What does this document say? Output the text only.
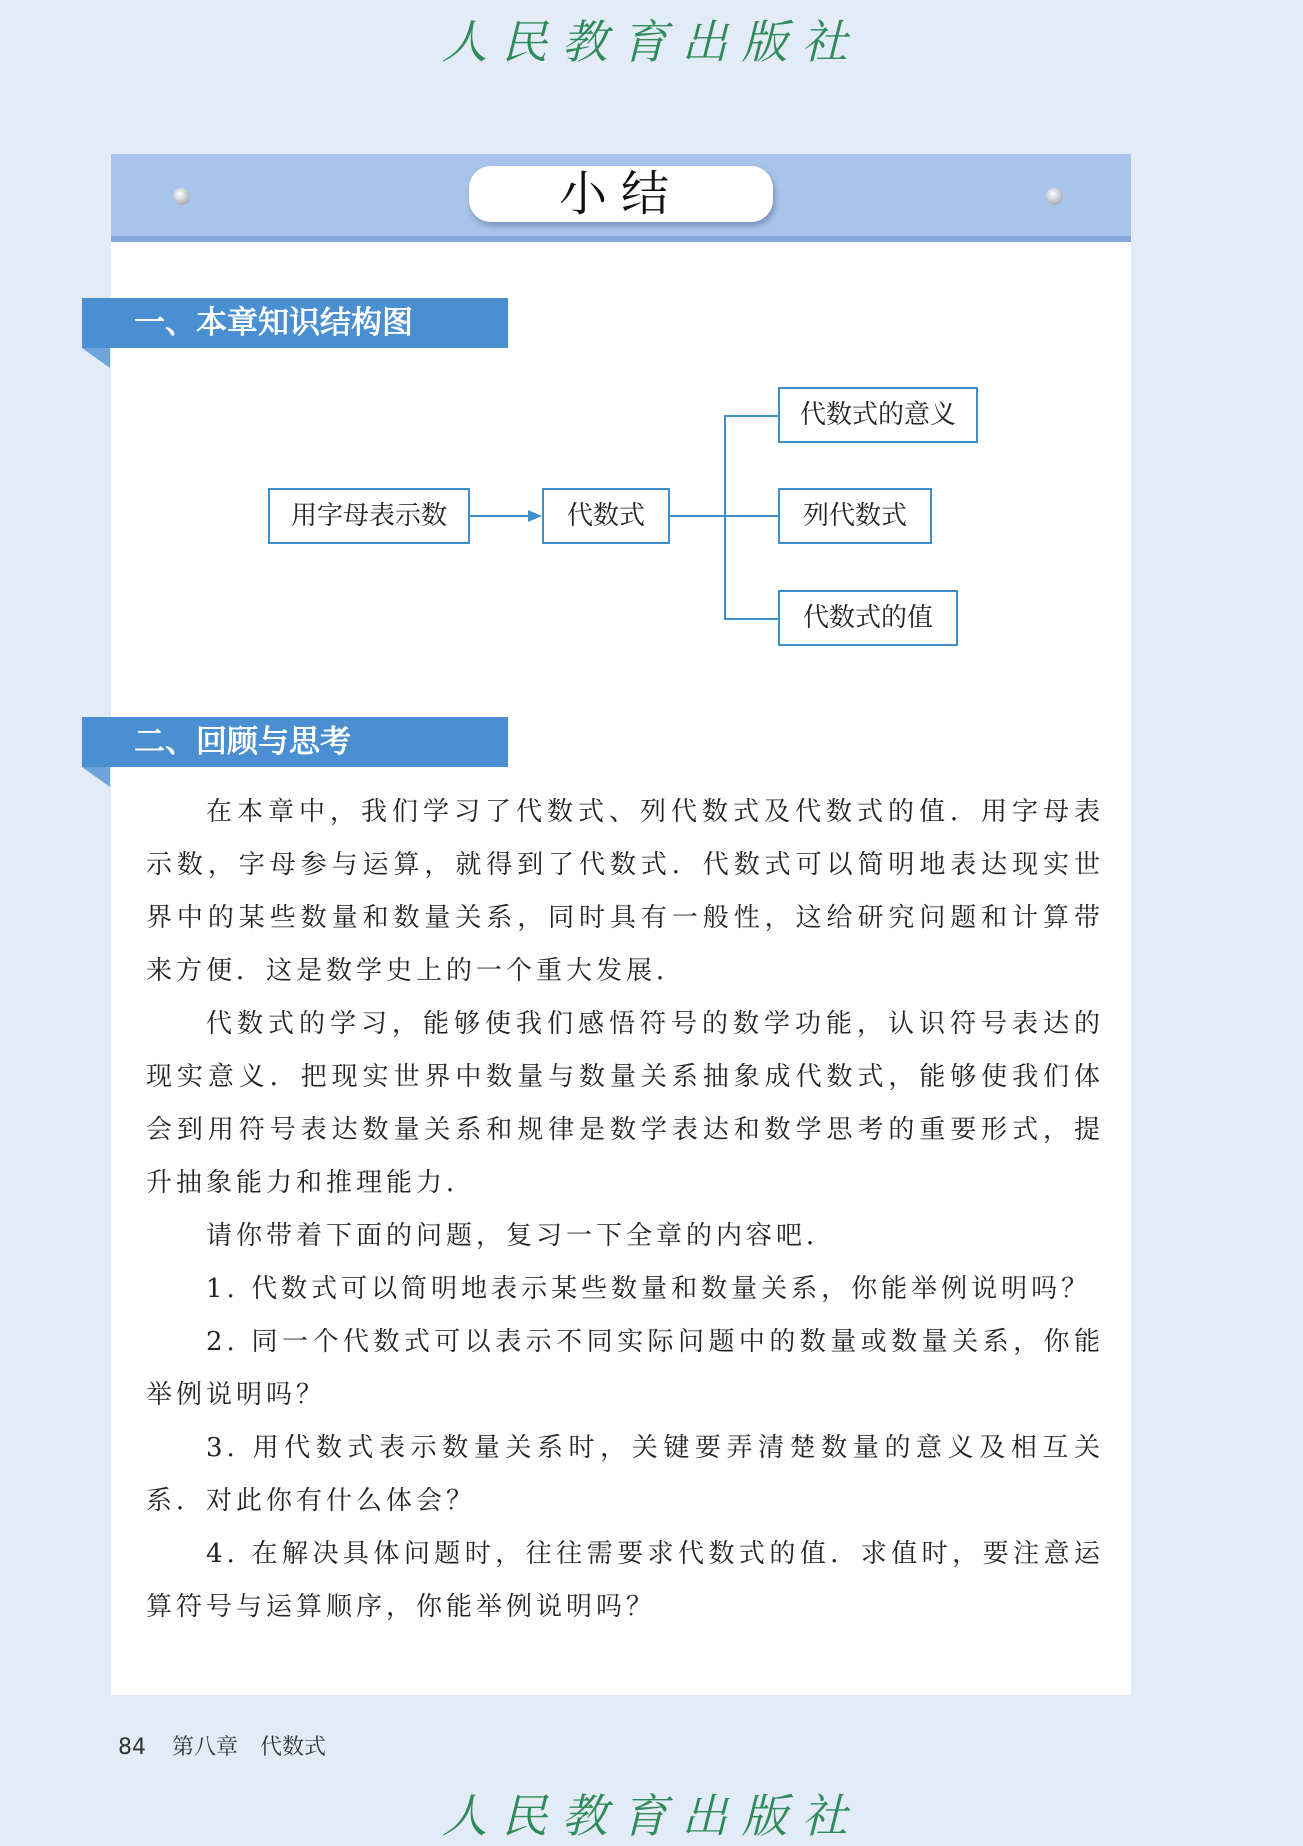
人民教育出版社
小结
一、本章知识结构图
用字母表示数	代数式
代数式的意义
列代数式
代数式的值
二、回顾与思考

在本章中，我们学习了代数式、列代数式及代数式的值．用字母表示数，字母参与运算，就得到了代数式．代数式可以简明地表达现实世界中的某些数量和数量关系，同时具有一般性，这给研究问题和计算带来方便．这是数学史上的一个重大发展．

代数式的学习，能够使我们感悟符号的数学功能，认识符号表达的现实意义．把现实世界中数量与数量关系抽象成代数式，能够使我们体会到用符号表达数量关系和规律是数学表达和数学思考的重要形式，提升抽象能力和推理能力．

请你带着下面的问题，复习一下全章的内容吧．

1. 代数式可以简明地表示某些数量和数量关系，你能举例说明吗？

2. 同一个代数式可以表示不同实际问题中的数量或数量关系，你能举例说明吗？

3. 用代数式表示数量关系时，关键要弄清楚数量的意义及相互关系．对此你有什么体会？

4. 在解决具体问题时，往往需要求代数式的值．求值时，要注意运算符号与运算顺序，你能举例说明吗？

84 第八章 代数式
人民教育出版社
